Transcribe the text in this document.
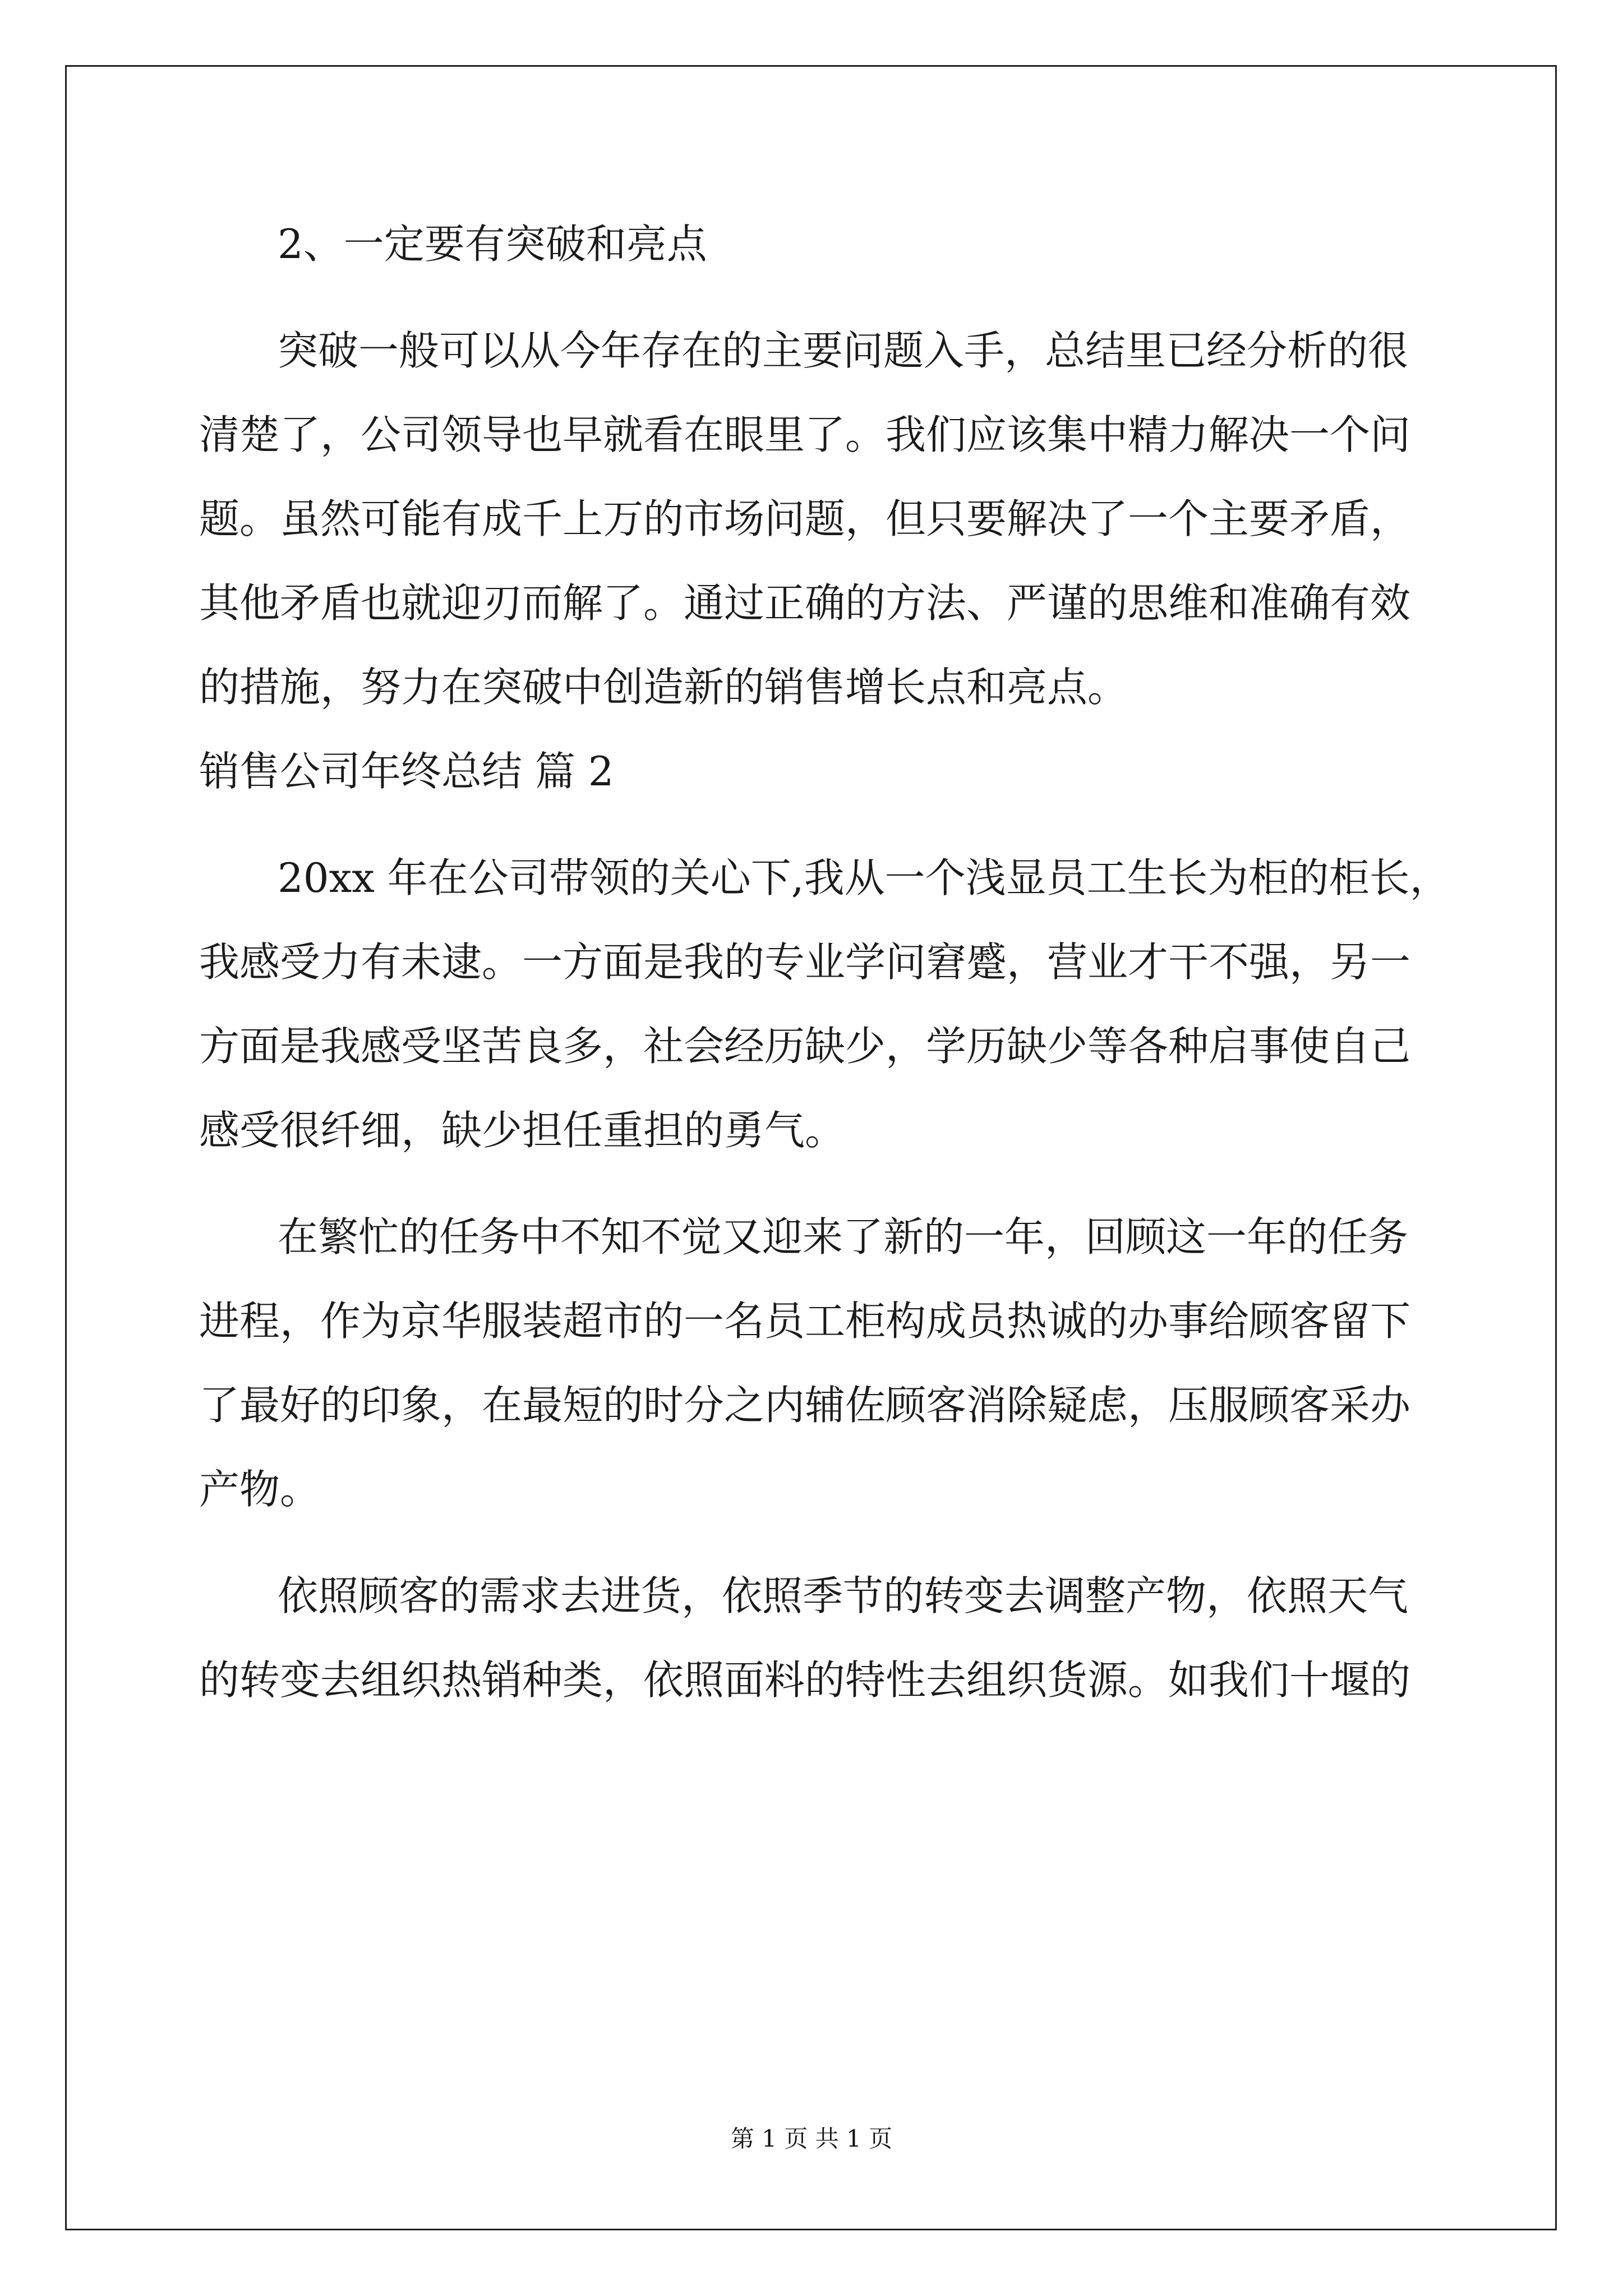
2、一定要有突破和亮点

突破一般可以从今年存在的主要问题入手，总结里已经分析的很

清楚了，公司领导也早就看在眼里了。我们应该集中精力解决一个问

题。虽然可能有成千上万的市场问题，但只要解决了一个主要矛盾，

其他矛盾也就迎刃而解了。通过正确的方法、严谨的思维和准确有效

的措施，努力在突破中创造新的销售增长点和亮点。

销售公司年终总结 篇 2

20xx 年在公司带领的关心下,我从一个浅显员工生长为柜的柜长，

我感受力有未逮。一方面是我的专业学问窘蹙，营业才干不强，另一

方面是我感受坚苦良多，社会经历缺少，学历缺少等各种启事使自己

感受很纤细，缺少担任重担的勇气。

在繁忙的任务中不知不觉又迎来了新的一年，回顾这一年的任务

进程，作为京华服装超市的一名员工柜构成员热诚的办事给顾客留下

了最好的印象，在最短的时分之内辅佐顾客消除疑虑，压服顾客采办

产物。

依照顾客的需求去进货，依照季节的转变去调整产物，依照天气

的转变去组织热销种类，依照面料的特性去组织货源。如我们十堰的

第 1 页 共 1 页
